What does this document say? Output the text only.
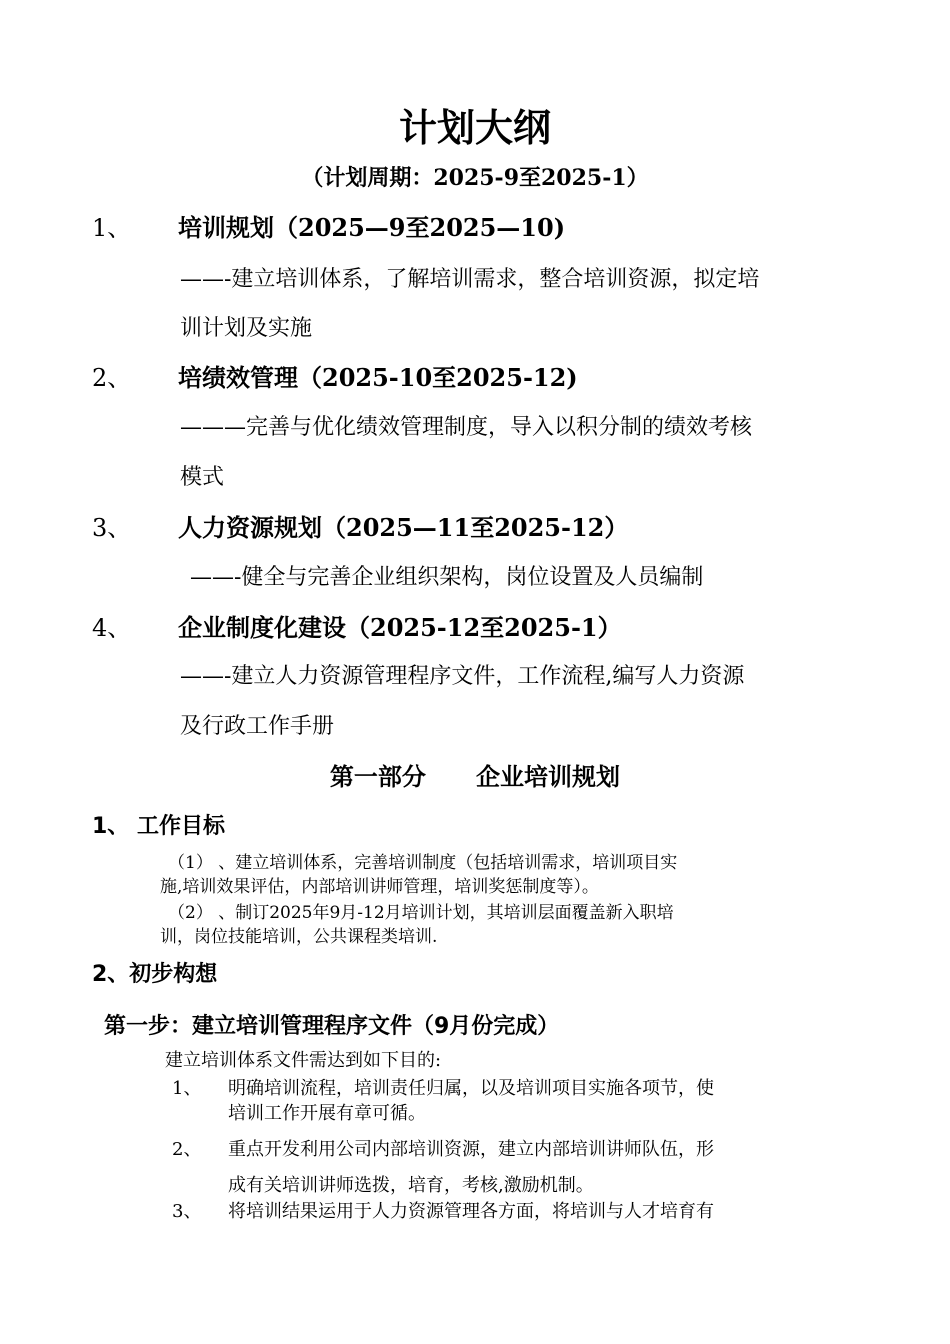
计划大纲
（计划周期：2025-9至2025-1）
1、 培训规划（2025—9至2025—10)
——-建立培训体系，了解培训需求，整合培训资源，拟定培
训计划及实施
2、 培绩效管理（2025-10至2025-12)
———完善与优化绩效管理制度，导入以积分制的绩效考核
模式
3、 人力资源规划（2025—11至2025-12）
——-健全与完善企业组织架构，岗位设置及人员编制
4、 企业制度化建设（2025-12至2025-1）
——-建立人力资源管理程序文件，工作流程,编写人力资源
及行政工作手册
第一部分      企业培训规划
1、 工作目标
（1） 、建立培训体系，完善培训制度（包括培训需求，培训项目实
施,培训效果评估，内部培训讲师管理，培训奖惩制度等）。
（2） 、制订2025年9月-12月培训计划，其培训层面覆盖新入职培
训，岗位技能培训，公共课程类培训.
2、初步构想
第一步：建立培训管理程序文件（9月份完成）
建立培训体系文件需达到如下目的:
1、 明确培训流程，培训责任归属，以及培训项目实施各项节，使
培训工作开展有章可循。
2、 重点开发利用公司内部培训资源，建立内部培训讲师队伍，形
成有关培训讲师选拨，培育，考核,激励机制。
3、 将培训结果运用于人力资源管理各方面，将培训与人才培育有
